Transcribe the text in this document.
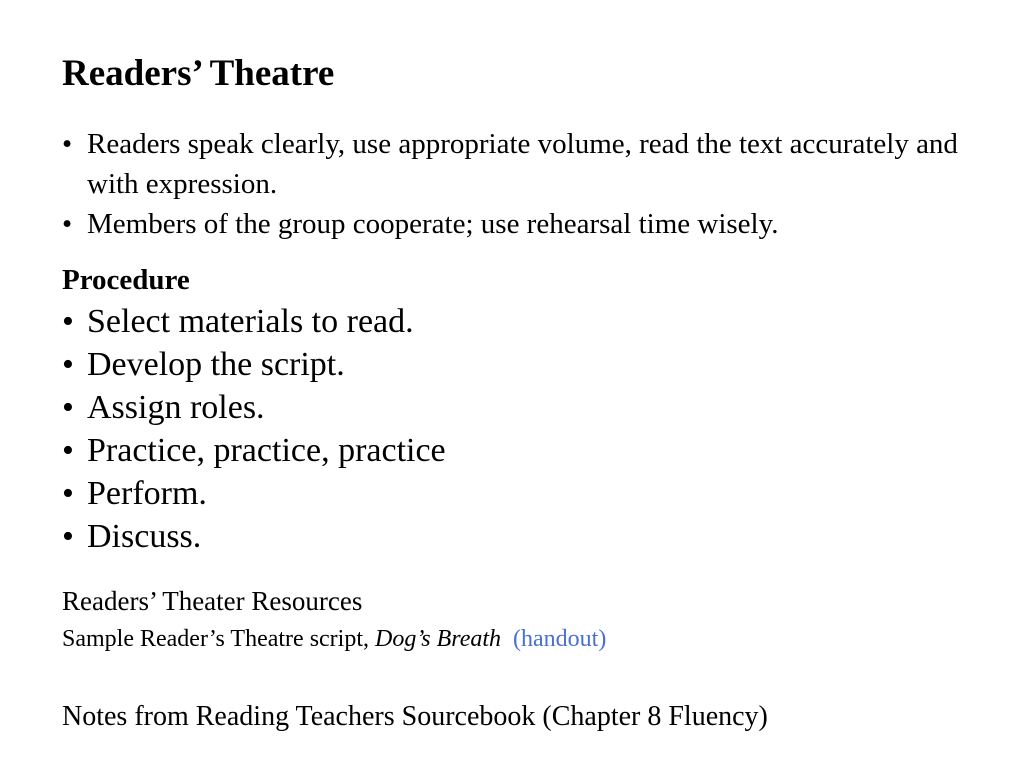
Readers’ Theatre
• Readers speak clearly, use appropriate volume, read the text accurately and with expression.
• Members of the group cooperate; use rehearsal time wisely.
Procedure
• Select materials to read.
• Develop the script.
• Assign roles.
• Practice, practice, practice
• Perform.
• Discuss.
Readers’ Theater Resources
Sample Reader’s Theatre script, Dog’s Breath (handout)
Notes from Reading Teachers Sourcebook (Chapter 8 Fluency)
